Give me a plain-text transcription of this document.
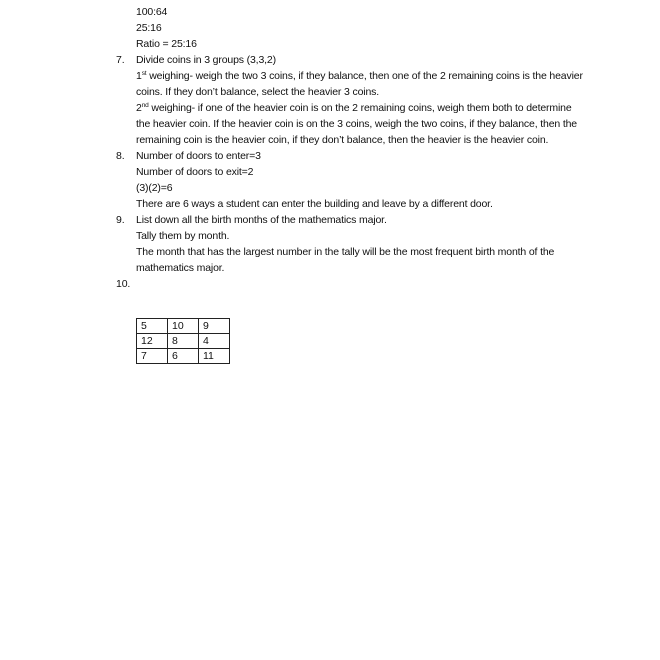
100:64
25:16
Ratio = 25:16
7.	Divide coins in 3 groups (3,3,2)
1st weighing- weigh the two 3 coins, if they balance, then one of the 2 remaining coins is the heavier coins. If they don’t balance, select the heavier 3 coins.
2nd weighing- if one of the heavier coin is on the 2 remaining coins, weigh them both to determine the heavier coin. If the heavier coin is on the 3 coins, weigh the two coins, if they balance, then the remaining coin is the heavier coin, if they don’t balance, then the heavier is the heavier coin.
8.	Number of doors to enter=3
Number of doors to exit=2
(3)(2)=6
There are 6 ways a student can enter the building and leave by a different door.
9.	List down all the birth months of the mathematics major.
Tally them by month.
The month that has the largest number in the tally will be the most frequent birth month of the mathematics major.
10.
5	10	9
12	8	4
7	6	11
